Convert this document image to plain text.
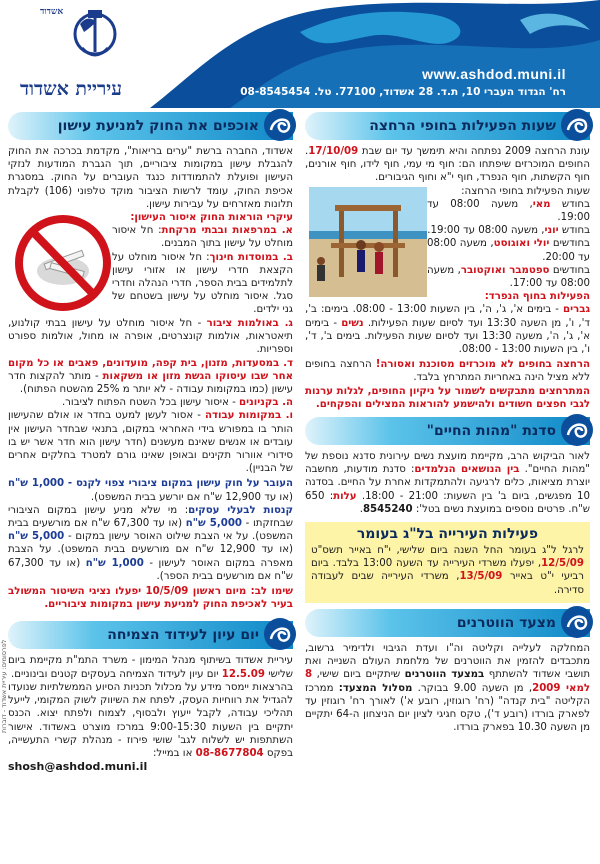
אשדוד
עיריית אשדוד
www.ashdod.muni.il
רח' הגדוד העברי 10, ת.ד. 28 אשדוד, 77100. טל. 08-8545454
שעות הפעילות בחופי הרחצה
עונת הרחצה 2009 נפתחה והיא תימשך עד יום שבת 17/10/09. החופים המוכרזים שיפתחו הם: חוף מי עמי, חוף לידו, חוף אורנים, חוף הקשתות, חוף הנפרד, חוף י"א וחוף הגיבורים.
שעות הפעילות בחופי הרחצה:
בחודש מאי, משעה 08:00 עד 19:00.
בחודש יוני, משעה 08:00 עד 19:00.
בחודשים יולי ואוגוסט, משעה 08:00 עד 20:00.
בחודשים ספטמבר ואוקטובר, משעה 08:00 עד 17:00.
הפעילות בחוף הנפרד:
גברים - בימים א', ג', ה', בין השעות 13:00 - 08:00. בימים: ב', ד', ו', מן השעה 13:30 ועד לסיום שעות הפעילות. נשים - בימים א', ג', ה', משעה 13:30 ועד לסיום שעות הפעילות. בימים ב', ד', ו', בין השעות 13:00 - 08:00.
הרחצה בחופים לא מוכרזים מסוכנת ואסורה! הרחצה בחופים ללא מציל הינה באחריות המתרחץ בלבד.
המתרחצים מתבקשים לשמור על ניקיון החופים, לגלות ערנות לגבי חפצים חשודים ולהישמע להוראות המצילים והפקחים.
סדנת "מהות החיים"
לאור הביקוש הרב, מקיימת מועצת נשים עירונית סדנא נוספת של "מהות החיים". בין הנושאים הנלמדים: סדנת מודעות, מחשבה יוצרת מציאות, כלים לרגיעה ולהתמקדות אחרת על החיים. בסדנה 10 מפגשים, ביום ב' בין השעות: 21:00 - 18:00. עלות: 650 ש"ח. פרטים נוספים במועצת נשים בטל': 8545240.
פעילות העירייה בל"ג בעומר
לרגל ל"ג בעומר החל השנה ביום שלישי, י"ח באייר תשס"ט 12/5/09, יפעלו משרדי העירייה עד השעה 13:00 בלבד. ביום רביעי י"ט באייר 13/5/09, משרדי העירייה שבים לעבודה סדירה.
מצעד הווטרנים
המחלקה לעלייה וקליטה וה"ו ועדת הגיבוי ולדימיר גרשוב, מתכבדים להזמין את הווטרנים של מלחמת העולם השנייה ואת תושבי אשדוד להשתתף במצעד הווטרנים שיתקיים ביום שישי, 8 למאי 2009, מן השעה 9.00 בבוקר. מסלול המצעד: ממרכז הקליטה "בית קנדה" (רח' רוגוזין, רובע א') לאורך רח' רוגוזין עד לפארק בורדו (רובע ד'), טקס חגיגי לציון יום הניצחון ה-64 יתקיים מן השעה 10.30 בפארק בורדו.
אוכפים את החוק למניעת עישון
אשדוד, החברה ברשת "ערים בריאות", מקדמת בכרכה את החוק להגבלת עישון במקומות ציבוריים, תוך הגברת המודעות לנזקי העישון ופועלת להתמודדות כנגד העוברים על החוק. במסגרת אכיפת החוק, עומד לרשות הציבור מוקד טלפוני (106) לקבלת תלונות מאזרחים על עבירות עישון.
עיקרי הוראות החוק איסור העישון:
א. במרפאות ובבתי מרקחת: חל איסור מוחלט על עישון בתוך המבנים.
ב. במוסדות חינוך: חל איסור מוחלט על הקצאת חדרי עישון או אזורי עישון לתלמידים בבית הספר, חדרי הנהלה וחדרי סגל. איסור מוחלט על עישון בשטחם של גני ילדים.
ג. באולמות ציבור - חל איסור מוחלט על עישון בבתי קולנוע, תיאטראות, אולמות קונצרטים, אופרה או מחול, אולמות ספורט וספריות.
ד. במסעדות, מזנון, בית קפה, מועדונים, פאבים או כל מקום אחר שבו עיסוקו הגשת מזון או משקאות - מותר להקצות חדר עישון (כמו במקומות עבודה - לא יותר מ 25% מהשטח הפתוח).
ה. בקניונים - איסור עישון בכל השטח הפתוח לציבור.
ו. במקומות עבודה - אסור לעשן למעט בחדר או אולם שהעישון הותר בו במפורש בידי האחראי במקום, בתנאי שבחדר העישון אין עובדים או אנשים שאינם מעשנים (חדר עישון הוא חדר אשר יש בו סידורי אוורור תקינים ובאופן שאינו גורם למטרד בחלקים אחרים של הבניין).
העובר על חוק עישון במקום ציבורי צפוי לקנס - 1,000 ש"ח (או עד 12,900 ש"ח אם יורשע בבית המשפט).
קנסות לבעלי עסקים: מי שלא מניע עישון במקום הציבורי שבחזקתו - 5,000 ש"ח (או עד 67,300 ש"ח אם מורשעים בבית המשפט). על אי הצבת שילוט האוסר עישון במקום - 5,000 ש"ח (או עד 12,900 ש"ח אם מורשעים בבית המשפט). על הצבת מאפרה במקום האוסר לעישון - 1,000 ש"ח (או עד 67,300 ש"ח אם מורשעים בבית הספר).
שימו לב: מיום ראשון 10/5/09 יפעלו נציגי השיטור המשולב בעיר לאכיפת החוק למניעת עישון במקומות ציבוריים.
יום עיון לעידוד הצמיחה
עיריית אשדוד בשיתוף מנהל המימון - משרד התמ"ת מקיימת ביום שלישי 12.5.09 יום עיון לעידוד הצמיחה בעסקים קטנים ובינוניים.
בהרצאות יימסר מידע על מכלול תכניות הסיוע הממשלתיות שנועדו להגדיל את רווחיות העסק, לפתח את השיווק לשוק המקומי, לייעל תהליכי עבודה, לקבל ייעוץ ולבסוף, לצמוח ולפתח יצוא. הכנס יתקיים בין השעות 9:00-15:30 במרכז מוצרט באשדוד. אישור השתתפות יש לשלוח לגב' שושי פירוז - מנהלת קשרי התעשייה, בפקס 08-8677804 או במייל:
shosh@ashdod.muni.il
לפרסומים: עיריית אשדוד - דוברות
